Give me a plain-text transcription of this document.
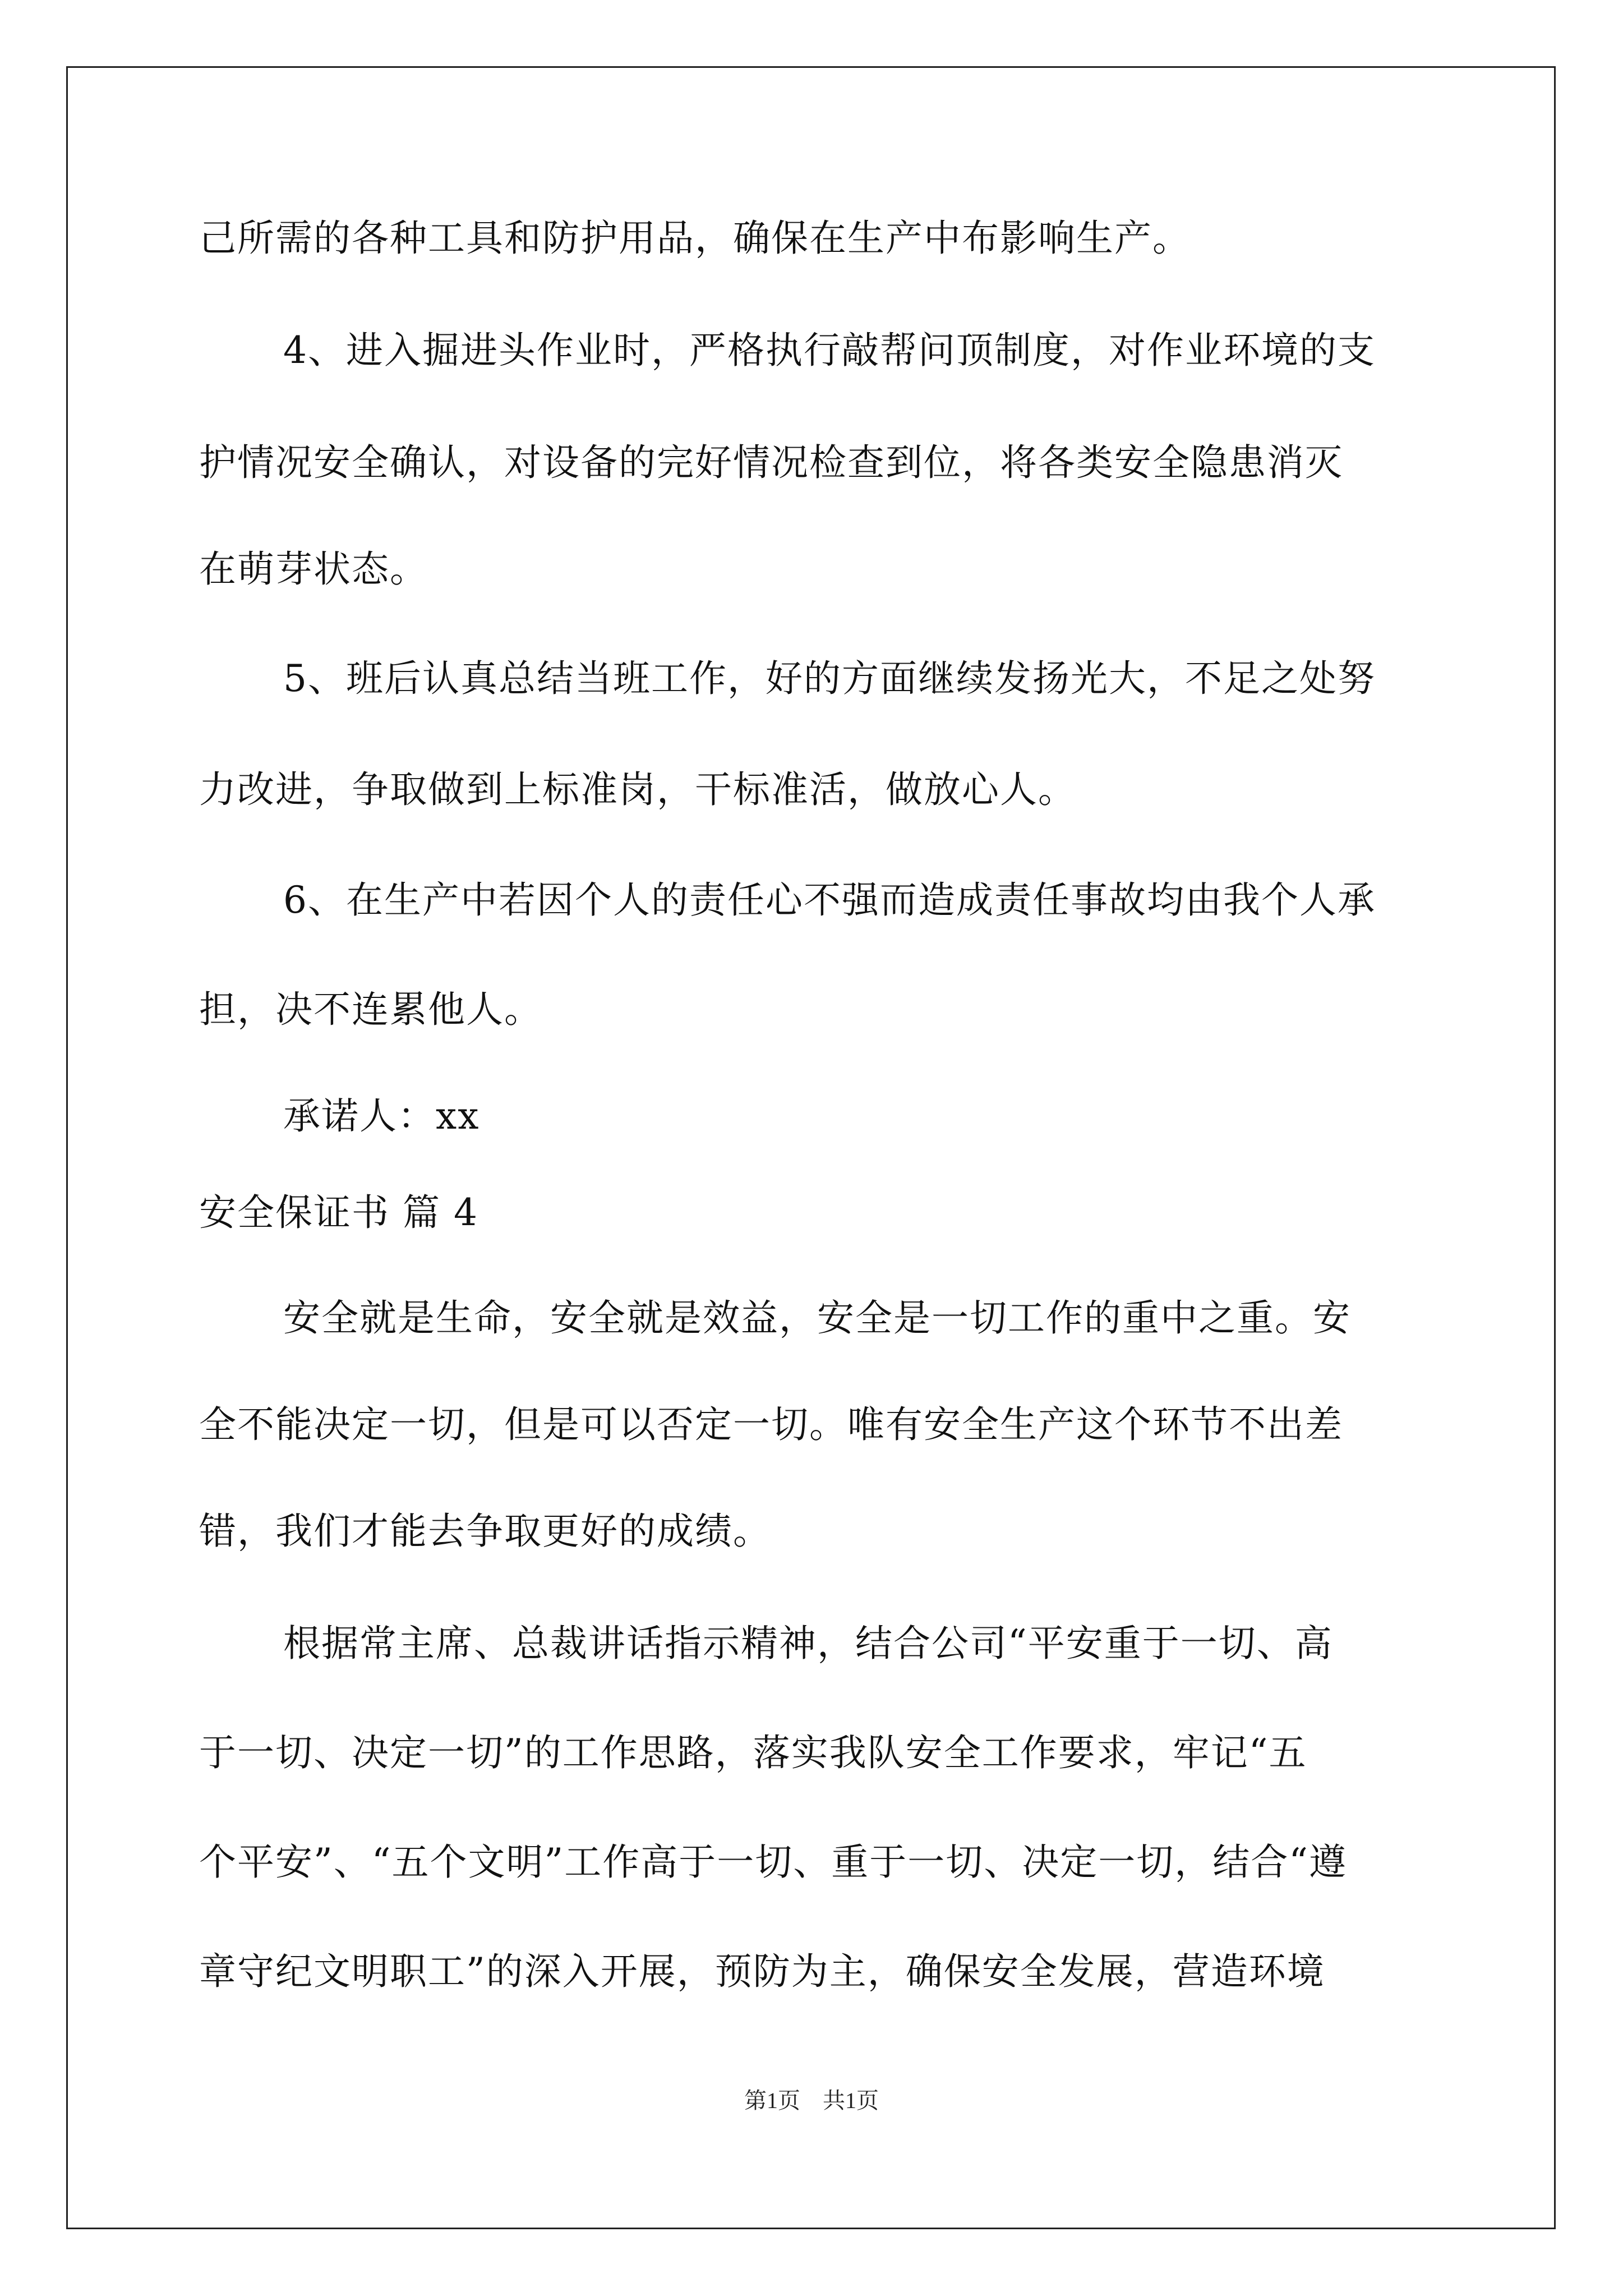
己所需的各种工具和防护用品，确保在生产中布影响生产。
4、进入掘进头作业时，严格执行敲帮问顶制度，对作业环境的支
护情况安全确认，对设备的完好情况检查到位，将各类安全隐患消灭
在萌芽状态。
5、班后认真总结当班工作，好的方面继续发扬光大，不足之处努
力改进，争取做到上标准岗，干标准活，做放心人。
6、在生产中若因个人的责任心不强而造成责任事故均由我个人承
担，决不连累他人。
承诺人：xx
安全保证书 篇 4
安全就是生命，安全就是效益，安全是一切工作的重中之重。安
全不能决定一切，但是可以否定一切。唯有安全生产这个环节不出差
错，我们才能去争取更好的成绩。
根据常主席、总裁讲话指示精神，结合公司“平安重于一切、高
于一切、决定一切”的工作思路，落实我队安全工作要求，牢记“五
个平安”、“五个文明”工作高于一切、重于一切、决定一切，结合“遵
章守纪文明职工”的深入开展，预防为主，确保安全发展，营造环境
第1页　共1页
